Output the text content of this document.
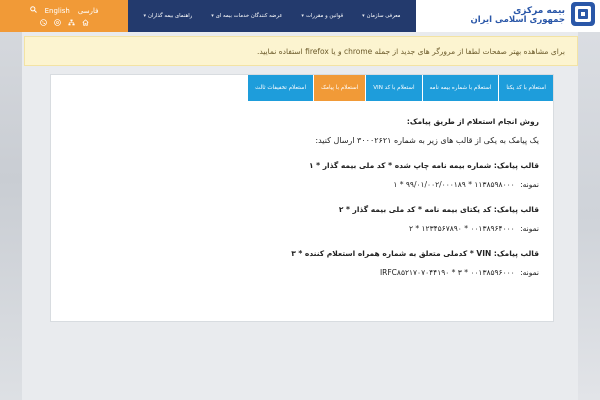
English فارسی
معرفی سازمان
▾
قوانین و مقررات
▾
عرضه کنندگان خدمات بیمه ای
▾
راهنمای بیمه گذاران
▾
بیمه مرکزی
جمهوری اسلامی ایران
برای مشاهده بهتر صفحات لطفا از مرورگر های جدید از جمله chrome و یا firefox استفاده نمایید.
استعلام با کد یکتا
استعلام با شماره بیمه نامه
استعلام با کد VIN
استعلام با پیامک
استعلام تخفیفات ثالث
روش انجام استعلام از طریق پیامک:
یک پیامک به یکی از قالب های زیر به شماره ۳۰۰۰۲۶۲۱ ارسال کنید:
قالب پیامک: شماره بیمه نامه چاپ شده * کد ملی بیمه گذار * ۱
نمونه: ۱۱۳۸۵۹۸۰۰۰ * ۹۹/۰۱/۰۰۲/۰۰۰۱۸۹ * ۱
قالب پیامک: کد یکتای بیمه نامه * کد ملی بیمه گذار * ۲
نمونه: ۰۰۱۳۸۹۶۴۰۰۰ * ۱۲۳۴۵۶۷۸۹۰ * ۲
قالب پیامک: VIN * کدملی متعلق به شماره همراه استعلام کننده * ۳
نمونه: ۰۰۱۳۸۵۹۶۰۰۰ * IRFC۸۵۲۱۷۰۷۰۴۴۱۹۰ * ۳
